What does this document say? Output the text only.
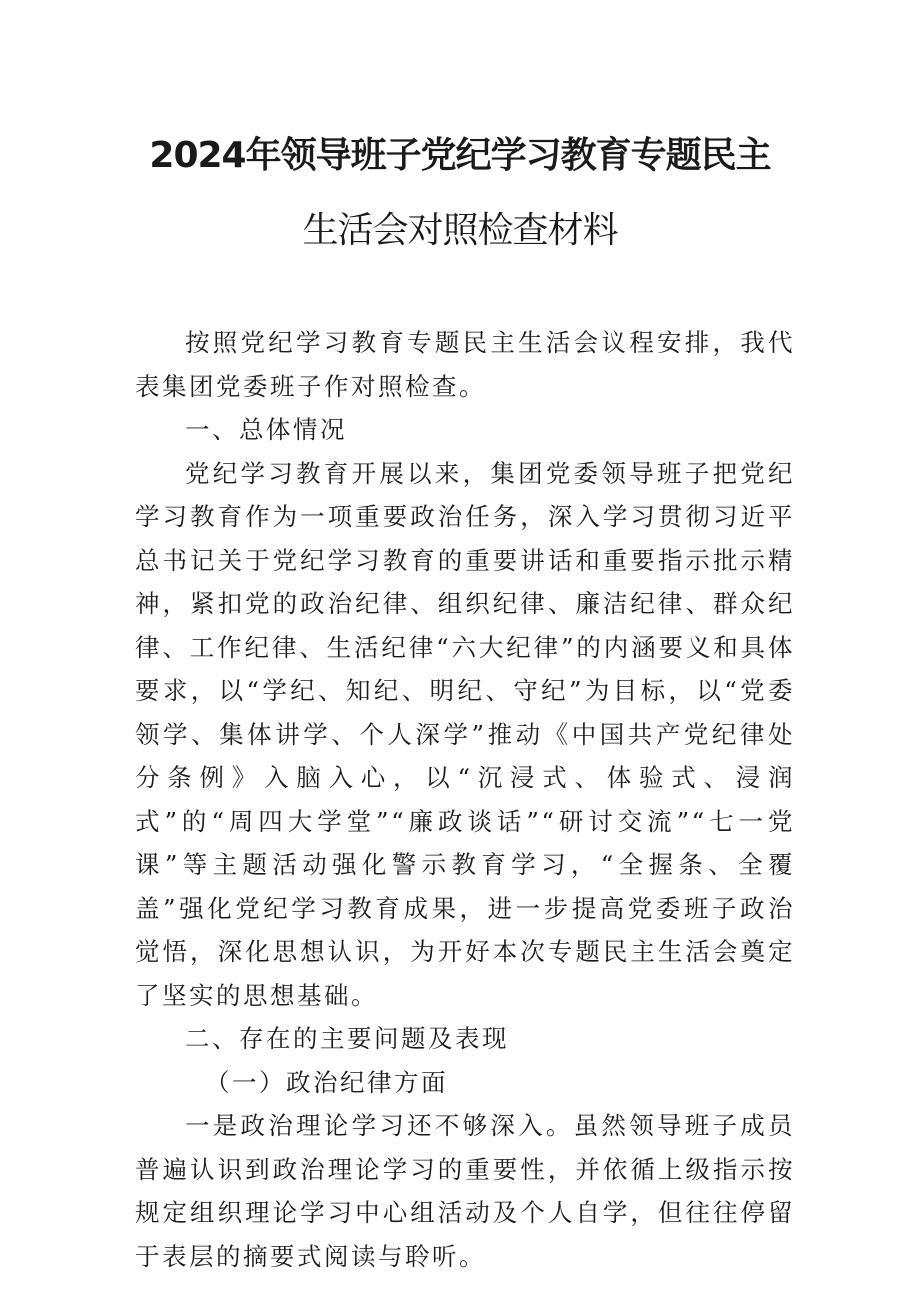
2024年领导班子党纪学习教育专题民主
生活会对照检查材料

按照党纪学习教育专题民主生活会议程安排，我代表集团党委班子作对照检查。

一、总体情况

党纪学习教育开展以来，集团党委领导班子把党纪学习教育作为一项重要政治任务，深入学习贯彻习近平总书记关于党纪学习教育的重要讲话和重要指示批示精神，紧扣党的政治纪律、组织纪律、廉洁纪律、群众纪律、工作纪律、生活纪律“六大纪律”的内涵要义和具体要求，以“学纪、知纪、明纪、守纪”为目标，以“党委领学、集体讲学、个人深学”推动《中国共产党纪律处分条例》入脑入心，以“沉浸式、体验式、浸润式”的“周四大学堂”“廉政谈话”“研讨交流”“七一党课”等主题活动强化警示教育学习，“全握条、全覆盖”强化党纪学习教育成果，进一步提高党委班子政治觉悟，深化思想认识，为开好本次专题民主生活会奠定了坚实的思想基础。

二、存在的主要问题及表现

（一）政治纪律方面

一是政治理论学习还不够深入。虽然领导班子成员普遍认识到政治理论学习的重要性，并依循上级指示按规定组织理论学习中心组活动及个人自学，但往往停留于表层的摘要式阅读与聆听。
